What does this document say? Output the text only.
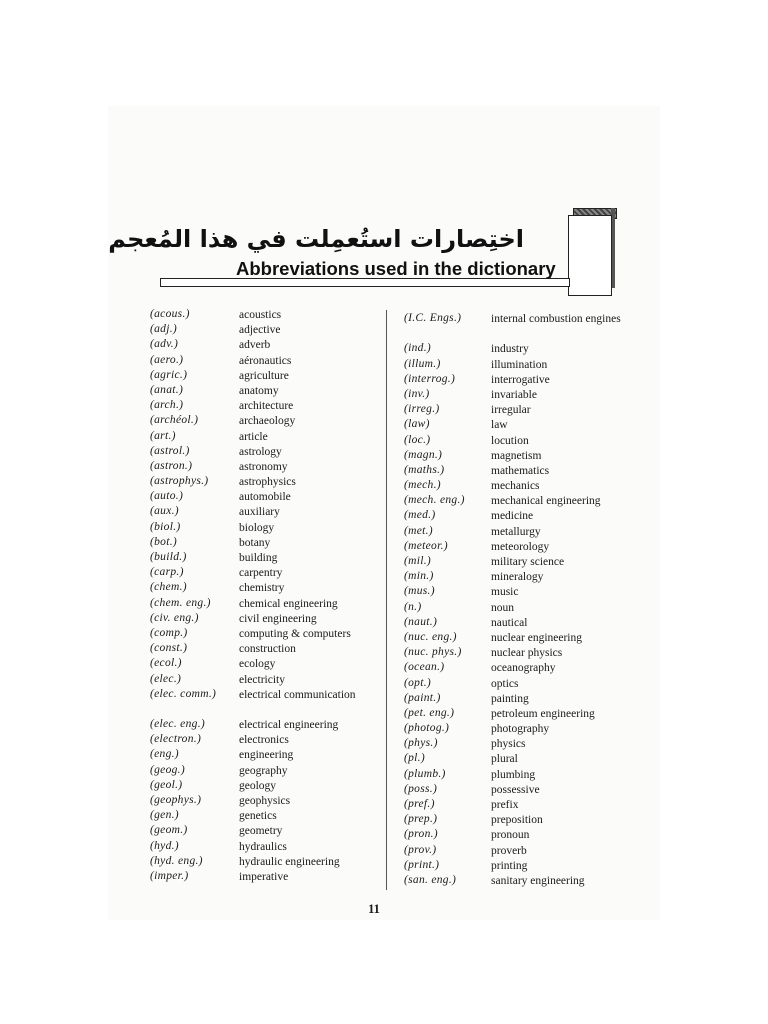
اختِصارات استُعمِلت في هذا المُعجم
Abbreviations used in the dictionary
(acous.)	acoustics
(adj.)	adjective
(adv.)	adverb
(aero.)	aéronautics
(agric.)	agriculture
(anat.)	anatomy
(arch.)	architecture
(archéol.)	archaeology
(art.)	article
(astrol.)	astrology
(astron.)	astronomy
(astrophys.)	astrophysics
(auto.)	automobile
(aux.)	auxiliary
(biol.)	biology
(bot.)	botany
(build.)	building
(carp.)	carpentry
(chem.)	chemistry
(chem. eng.) chemical engineering
(civ. eng.)	civil engineering
(comp.)	computing & computers
(const.)	construction
(ecol.)	ecology
(elec.)	electricity
(elec. comm.) electrical communication
(elec. eng.)	electrical engineering
(electron.)	electronics
(eng.)	engineering
(geog.)	geography
(geol.)	geology
(geophys.)	geophysics
(gen.)	genetics
(geom.)	geometry
(hyd.)	hydraulics
(hyd. eng.)	hydraulic engineering
(imper.)	imperative
(I.C. Engs.)	internal combustion engines
(ind.)	industry
(illum.)	illumination
(interrog.)	interrogative
(inv.)	invariable
(irreg.)	irregular
(law)	law
(loc.)	locution
(magn.)	magnetism
(maths.)	mathematics
(mech.)	mechanics
(mech. eng.) mechanical engineering
(med.)	medicine
(met.)	metallurgy
(meteor.)	meteorology
(mil.)	military science
(min.)	mineralogy
(mus.)	music
(n.)	noun
(naut.)	nautical
(nuc. eng.)	nuclear engineering
(nuc. phys.)	nuclear physics
(ocean.)	oceanography
(opt.)	optics
(paint.)	painting
(pet. eng.)	petroleum engineering
(photog.)	photography
(phys.)	physics
(pl.)	plural
(plumb.)	plumbing
(poss.)	possessive
(pref.)	prefix
(prep.)	preposition
(pron.)	pronoun
(prov.)	proverb
(print.)	printing
(san. eng.)	sanitary engineering
11
